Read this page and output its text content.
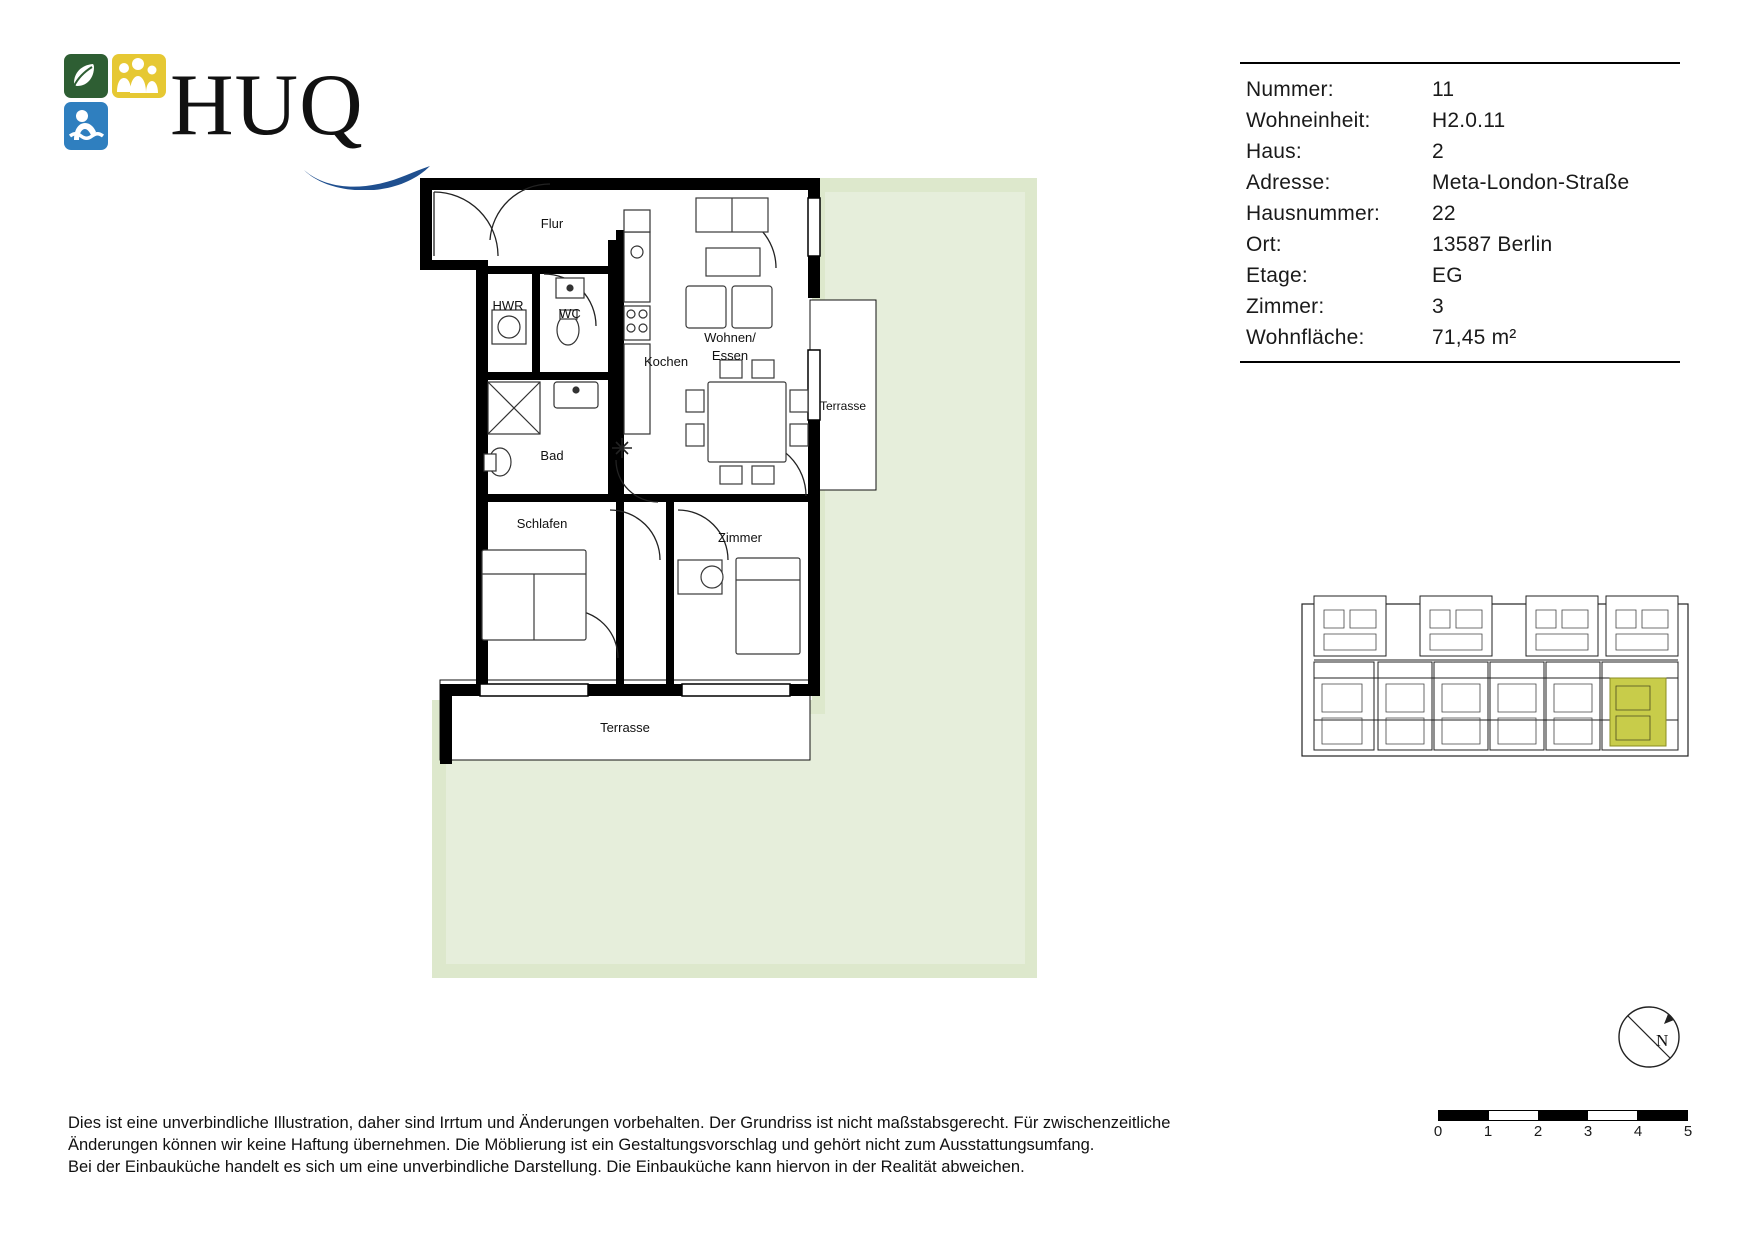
HUQ	Nummer:	11
Wohneinheit:	H2.0.11
Haus:	2
Adresse:	Meta-London-Straße
Hausnummer:	22
Ort:	13587 Berlin
Etage:	EG
Zimmer:	3
Wohnfläche:	71,45 m²
Flur
HWR
WC
Kochen
Wohnen/
Essen
Bad
Schlafen
Zimmer
Terrasse
Terrasse
N
0	1	2	3	4	5

Dies ist eine unverbindliche Illustration, daher sind Irrtum und Änderungen vorbehalten. Der Grundriss ist nicht maßstabsgerecht. Für zwischenzeitliche

Änderungen können wir keine Haftung übernehmen. Die Möblierung ist ein Gestaltungsvorschlag und gehört nicht zum Ausstattungsumfang.

Bei der Einbauküche handelt es sich um eine unverbindliche Darstellung. Die Einbauküche kann hiervon in der Realität abweichen.
